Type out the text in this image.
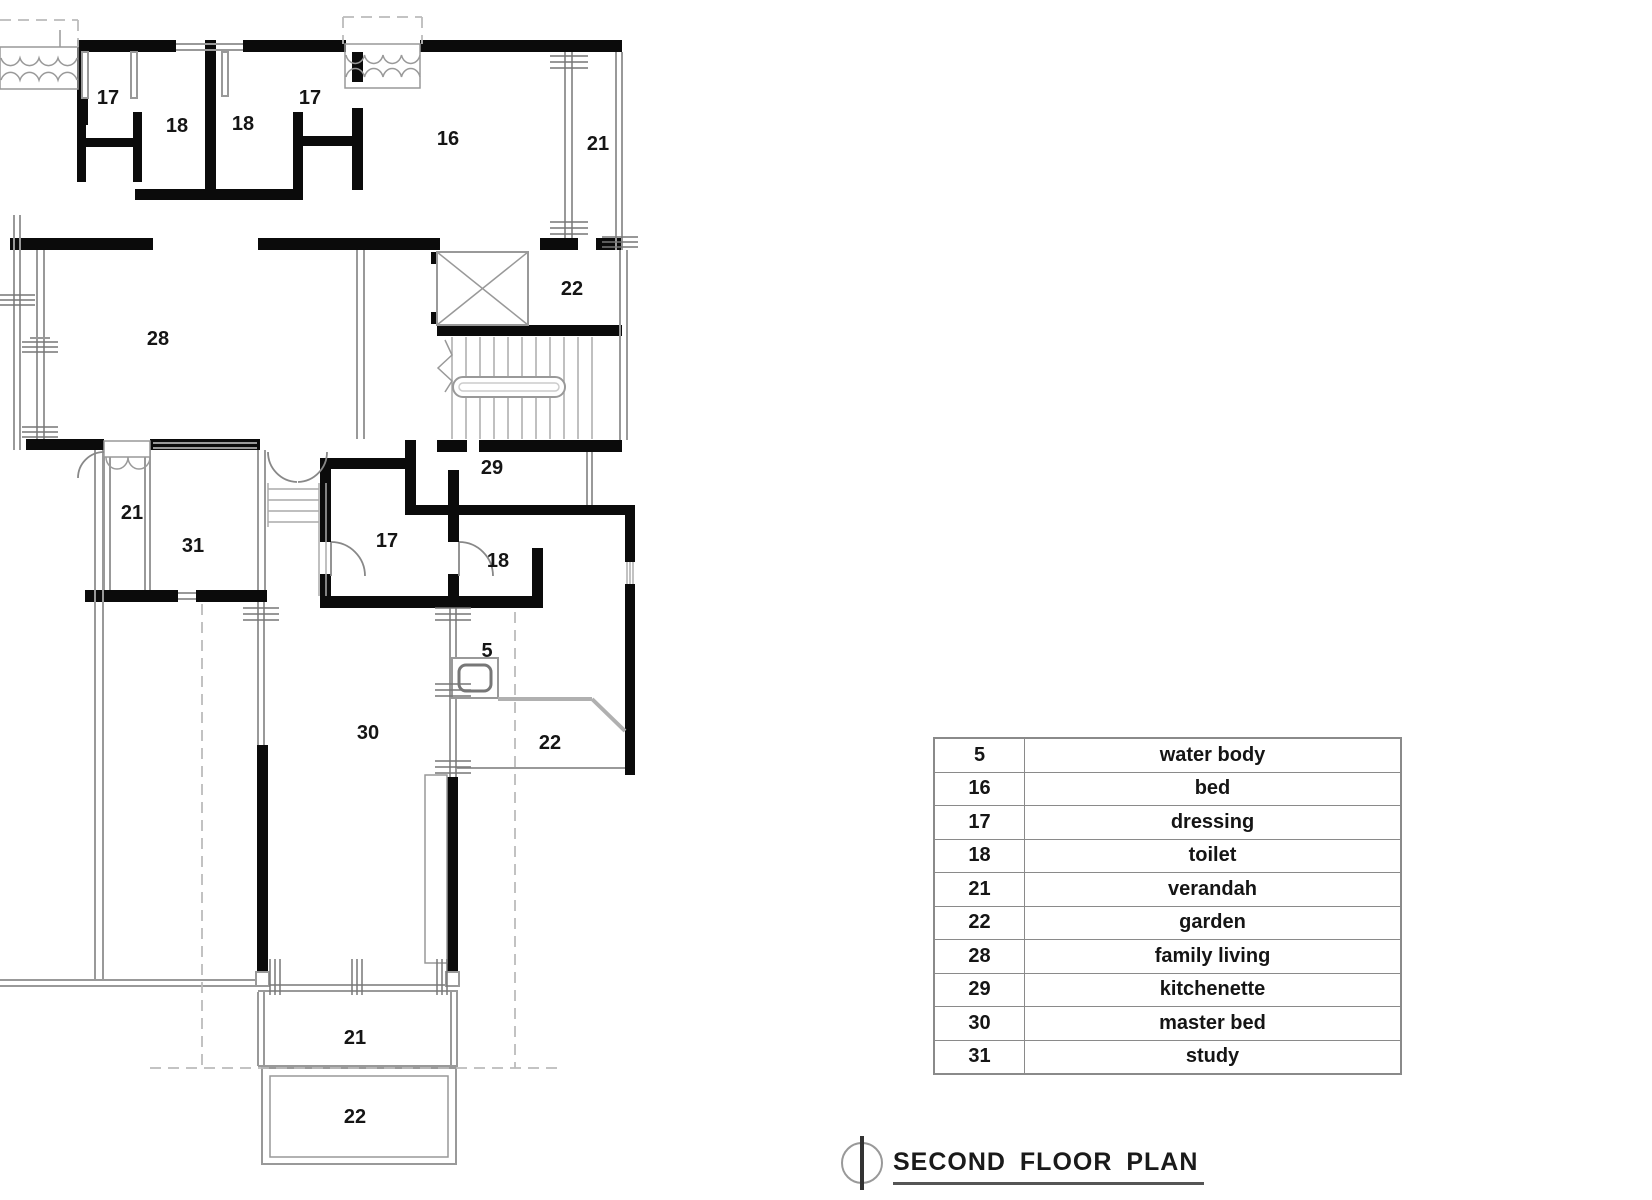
17
18 18
17
16	21
22
28
29
21
31	17
18
5
30	22
21
22
5	water body
16	bed
17	dressing
18	toilet
21	verandah
22	garden
28	family living
29	kitchenette
30	master bed
31	study
SECOND FLOOR PLAN
